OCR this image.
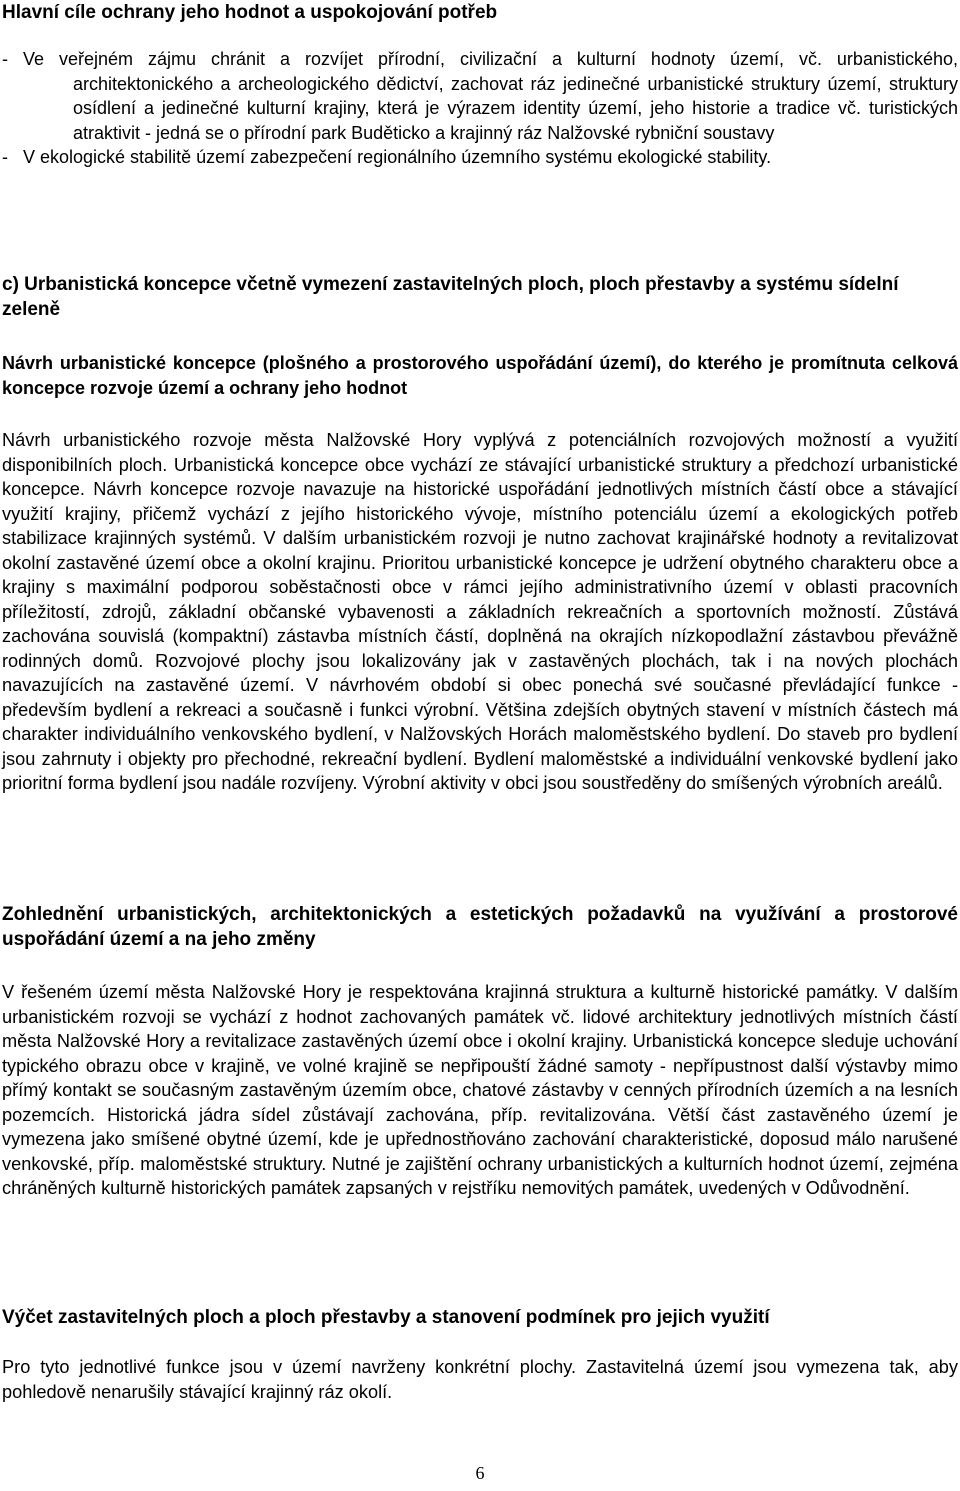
Hlavní cíle ochrany jeho hodnot a uspokojování potřeb
- Ve veřejném zájmu chránit a rozvíjet přírodní, civilizační a kulturní hodnoty území, vč. urbanistického, architektonického a archeologického dědictví, zachovat ráz jedinečné urbanistické struktury území, struktury osídlení a jedinečné kulturní krajiny, která je výrazem identity území, jeho historie a tradice vč. turistických atraktivit - jedná se o přírodní park Buděticko a krajinný ráz Nalžovské rybniční soustavy
- V ekologické stabilitě území zabezpečení regionálního územního systému ekologické stability.
c) Urbanistická koncepce včetně vymezení zastavitelných ploch, ploch přestavby a systému sídelní zeleně

Návrh urbanistické koncepce (plošného a prostorového uspořádání území), do kterého je promítnuta celková koncepce rozvoje území a ochrany jeho hodnot

Návrh urbanistického rozvoje města Nalžovské Hory vyplývá z potenciálních rozvojových možností a využití disponibilních ploch. Urbanistická koncepce obce vychází ze stávající urbanistické struktury a předchozí urbanistické koncepce. Návrh koncepce rozvoje navazuje na historické uspořádání jednotlivých místních částí obce a stávající využití krajiny, přičemž vychází z jejího historického vývoje, místního potenciálu území a ekologických potřeb stabilizace krajinných systémů. V dalším urbanistickém rozvoji je nutno zachovat krajinářské hodnoty a revitalizovat okolní zastavěné území obce a okolní krajinu. Prioritou urbanistické koncepce je udržení obytného charakteru obce a krajiny s maximální podporou soběstačnosti obce v rámci jejího administrativního území v oblasti pracovních příležitostí, zdrojů, základní občanské vybavenosti a základních rekreačních a sportovních možností. Zůstává zachována souvislá (kompaktní) zástavba místních částí, doplněná na okrajích nízkopodlažní zástavbou převážně rodinných domů. Rozvojové plochy jsou lokalizovány jak v zastavěných plochách, tak i na nových plochách navazujících na zastavěné území. V návrhovém období si obec ponechá své současné převládající funkce - především bydlení a rekreaci a současně i funkci výrobní. Většina zdejších obytných stavení v místních částech má charakter individuálního venkovského bydlení, v Nalžovských Horách maloměstského bydlení. Do staveb pro bydlení jsou zahrnuty i objekty pro přechodné, rekreační bydlení. Bydlení maloměstské a individuální venkovské bydlení jako prioritní forma bydlení jsou nadále rozvíjeny. Výrobní aktivity v obci jsou soustředěny do smíšených výrobních areálů.

Zohlednění urbanistických, architektonických a estetických požadavků na využívání a prostorové uspořádání území a na jeho změny

V řešeném území města Nalžovské Hory je respektována krajinná struktura a kulturně historické památky. V dalším urbanistickém rozvoji se vychází z hodnot zachovaných památek vč. lidové architektury jednotlivých místních částí města Nalžovské Hory a revitalizace zastavěných území obce i okolní krajiny. Urbanistická koncepce sleduje uchování typického obrazu obce v krajině, ve volné krajině se nepřipouští žádné samoty - nepřípustnost další výstavby mimo přímý kontakt se současným zastavěným územím obce, chatové zástavby v cenných přírodních územích a na lesních pozemcích. Historická jádra sídel zůstávají zachována, příp. revitalizována. Větší část zastavěného území je vymezena jako smíšené obytné území, kde je upřednostňováno zachování charakteristické, doposud málo narušené venkovské, příp. maloměstské struktury. Nutné je zajištění ochrany urbanistických a kulturních hodnot území, zejména chráněných kulturně historických památek zapsaných v rejstříku nemovitých památek, uvedených v Odůvodnění.

Výčet zastavitelných ploch a ploch přestavby a stanovení podmínek pro jejich využití

Pro tyto jednotlivé funkce jsou v území navrženy konkrétní plochy. Zastavitelná území jsou vymezena tak, aby pohledově nenarušily stávající krajinný ráz okolí.

6
